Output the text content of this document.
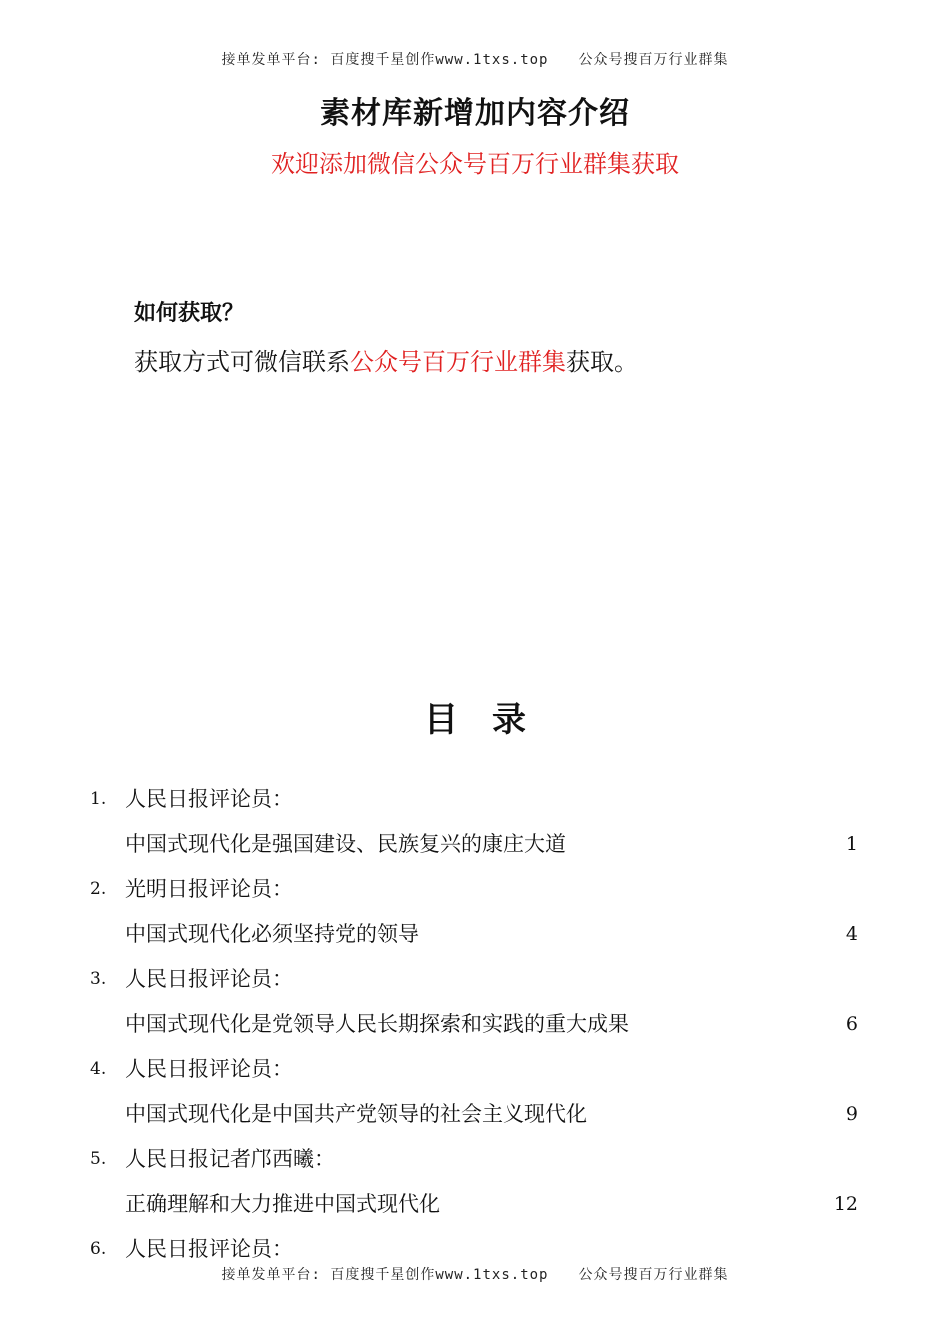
接单发单平台: 百度搜千星创作www.1txs.top 公众号搜百万行业群集
素材库新增加内容介绍
欢迎添加微信公众号百万行业群集获取
如何获取？
获取方式可微信联系公众号百万行业群集获取。
目 录
1. 人民日报评论员：
中国式现代化是强国建设、民族复兴的康庄大道	1
2. 光明日报评论员：
中国式现代化必须坚持党的领导	4
3. 人民日报评论员：
中国式现代化是党领导人民长期探索和实践的重大成果	6
4. 人民日报评论员：
中国式现代化是中国共产党领导的社会主义现代化	9
5. 人民日报记者邝西曦：
正确理解和大力推进中国式现代化	12
6. 人民日报评论员：
接单发单平台: 百度搜千星创作www.1txs.top 公众号搜百万行业群集
